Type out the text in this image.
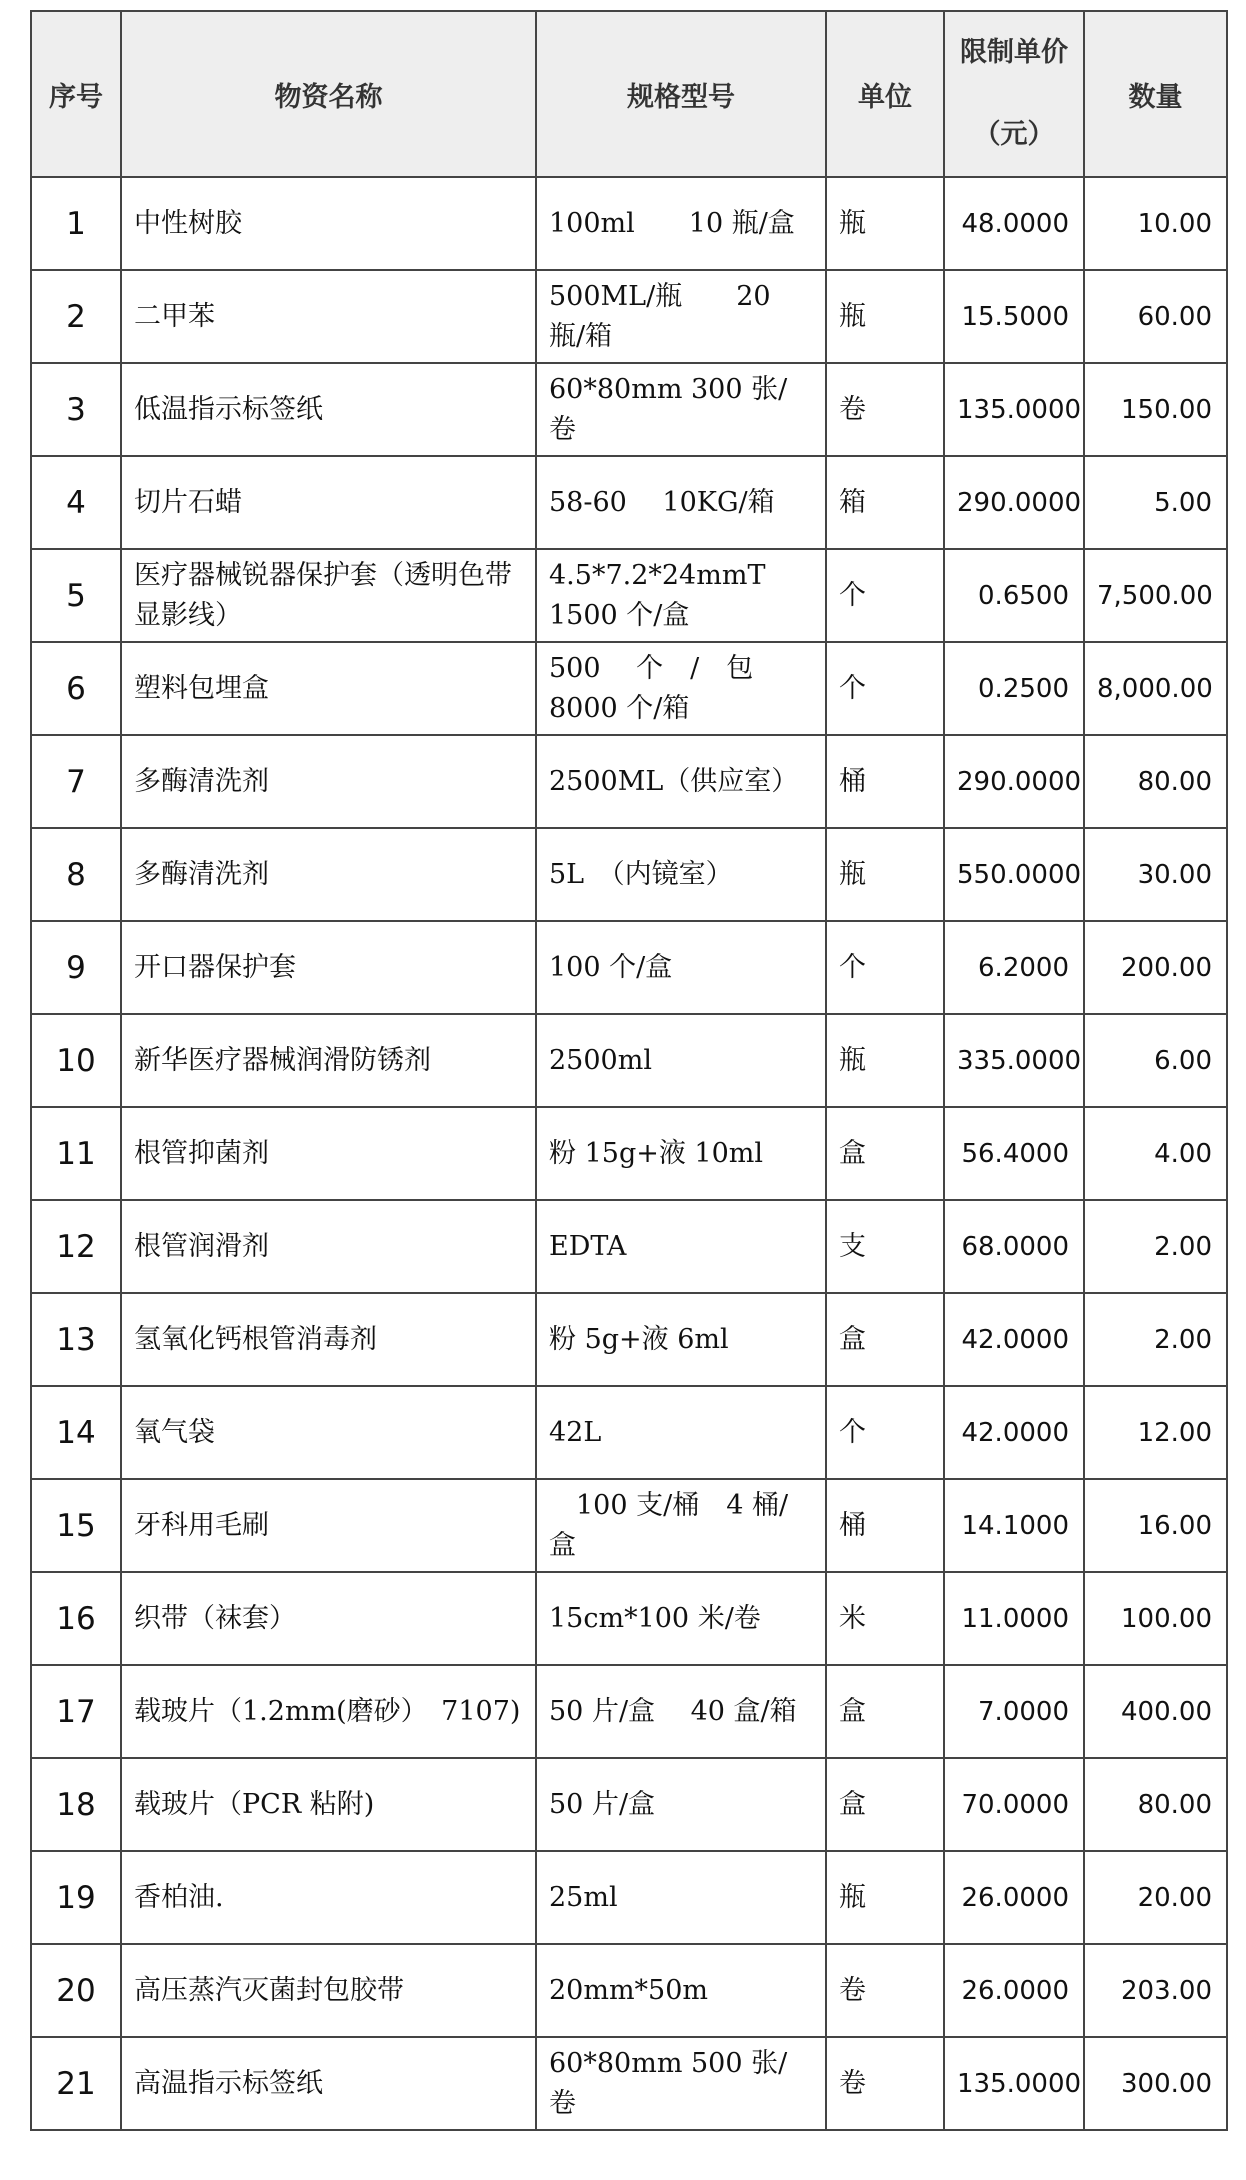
序号	物资名称	规格型号	单位	限制单价（元）	数量
1	中性树胶	100ml　　10 瓶/盒	瓶	48.0000	10.00
2	二甲苯	500ML/瓶　　20 瓶/箱	瓶	15.5000	60.00
3	低温指示标签纸	60*80mm 300 张/卷	卷	135.0000	150.00
4	切片石蜡	58-60　 10KG/箱	箱	290.0000	5.00
5	医疗器械锐器保护套（透明色带显影线）	4.5*7.2*24mmT 1500 个/盒	个	0.6500	7,500.00
6	塑料包埋盒	500　 个　/　包 8000 个/箱	个	0.2500	8,000.00
7	多酶清洗剂	2500ML（供应室）	桶	290.0000	80.00
8	多酶清洗剂	5L　（内镜室）	瓶	550.0000	30.00
9	开口器保护套	100 个/盒	个	6.2000	200.00
10	新华医疗器械润滑防锈剂	2500ml	瓶	335.0000	6.00
11	根管抑菌剂	粉 15g+液 10ml	盒	56.4000	4.00
12	根管润滑剂	EDTA	支	68.0000	2.00
13	氢氧化钙根管消毒剂	粉 5g+液 6ml	盒	42.0000	2.00
14	氧气袋	42L	个	42.0000	12.00
15	牙科用毛刷	　100 支/桶　4 桶/盒	桶	14.1000	16.00
16	织带（袜套）	15cm*100 米/卷	米	11.0000	100.00
17	载玻片（1.2mm(磨砂）　7107)	50 片/盒　 40 盒/箱	盒	7.0000	400.00
18	载玻片（PCR 粘附)	50 片/盒	盒	70.0000	80.00
19	香柏油.	25ml	瓶	26.0000	20.00
20	高压蒸汽灭菌封包胶带	20mm*50m	卷	26.0000	203.00
21	高温指示标签纸	60*80mm 500 张/卷	卷	135.0000	300.00
